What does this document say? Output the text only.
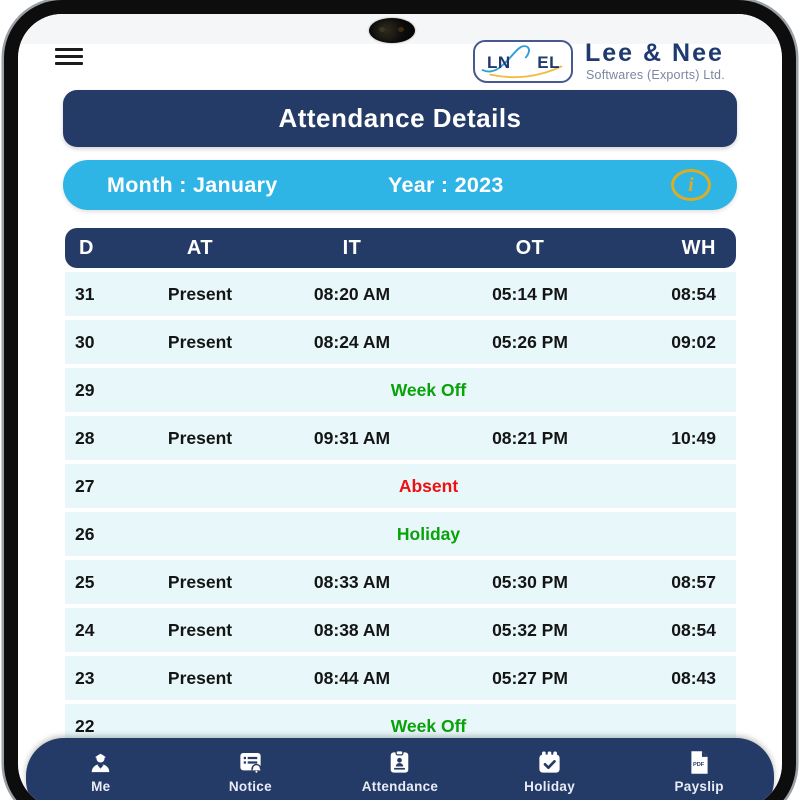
LN EL Lee & Nee
Softwares (Exports) Ltd.
Attendance Details
Month : January	Year : 2023	i
D	AT	IT	OT	WH
31	Present	08:20 AM	05:14 PM	08:54
30	Present	08:24 AM	05:26 PM	09:02
29	Week Off
28	Present	09:31 AM	08:21 PM	10:49
27	Absent
26	Holiday
25	Present	08:33 AM	05:30 PM	08:57
24	Present	08:38 AM	05:32 PM	08:54
23	Present	08:44 AM	05:27 PM	08:43
22	Week Off
Me	Notice	Attendance	Holiday
PDF
Payslip
